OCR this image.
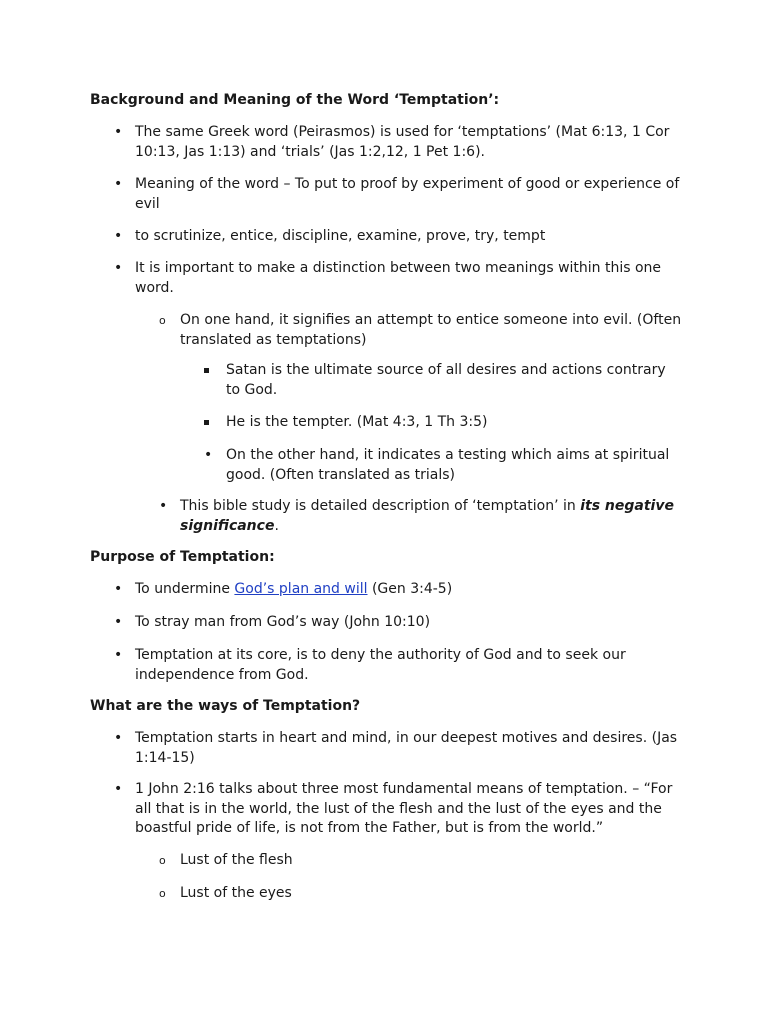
Background and Meaning of the Word ‘Temptation’:
• The same Greek word (Peirasmos) is used for ‘temptations’ (Mat 6:13, 1 Cor
10:13, Jas 1:13) and ‘trials’ (Jas 1:2,12, 1 Pet 1:6).
• Meaning of the word – To put to proof by experiment of good or experience of
evil
• to scrutinize, entice, discipline, examine, prove, try, tempt
• It is important to make a distinction between two meanings within this one
word.
o On one hand, it signifies an attempt to entice someone into evil. (Often
translated as temptations)
Satan is the ultimate source of all desires and actions contrary
to God.
He is the tempter. (Mat 4:3, 1 Th 3:5)
• On the other hand, it indicates a testing which aims at spiritual
good. (Often translated as trials)
• This bible study is detailed description of ‘temptation’ in its negative
significance.
Purpose of Temptation:
• To undermine God’s plan and will (Gen 3:4-5)
• To stray man from God’s way (John 10:10)
• Temptation at its core, is to deny the authority of God and to seek our
independence from God.
What are the ways of Temptation?
• Temptation starts in heart and mind, in our deepest motives and desires. (Jas
1:14-15)
• 1 John 2:16 talks about three most fundamental means of temptation. – “For
all that is in the world, the lust of the flesh and the lust of the eyes and the
boastful pride of life, is not from the Father, but is from the world.”
o Lust of the flesh
o Lust of the eyes
